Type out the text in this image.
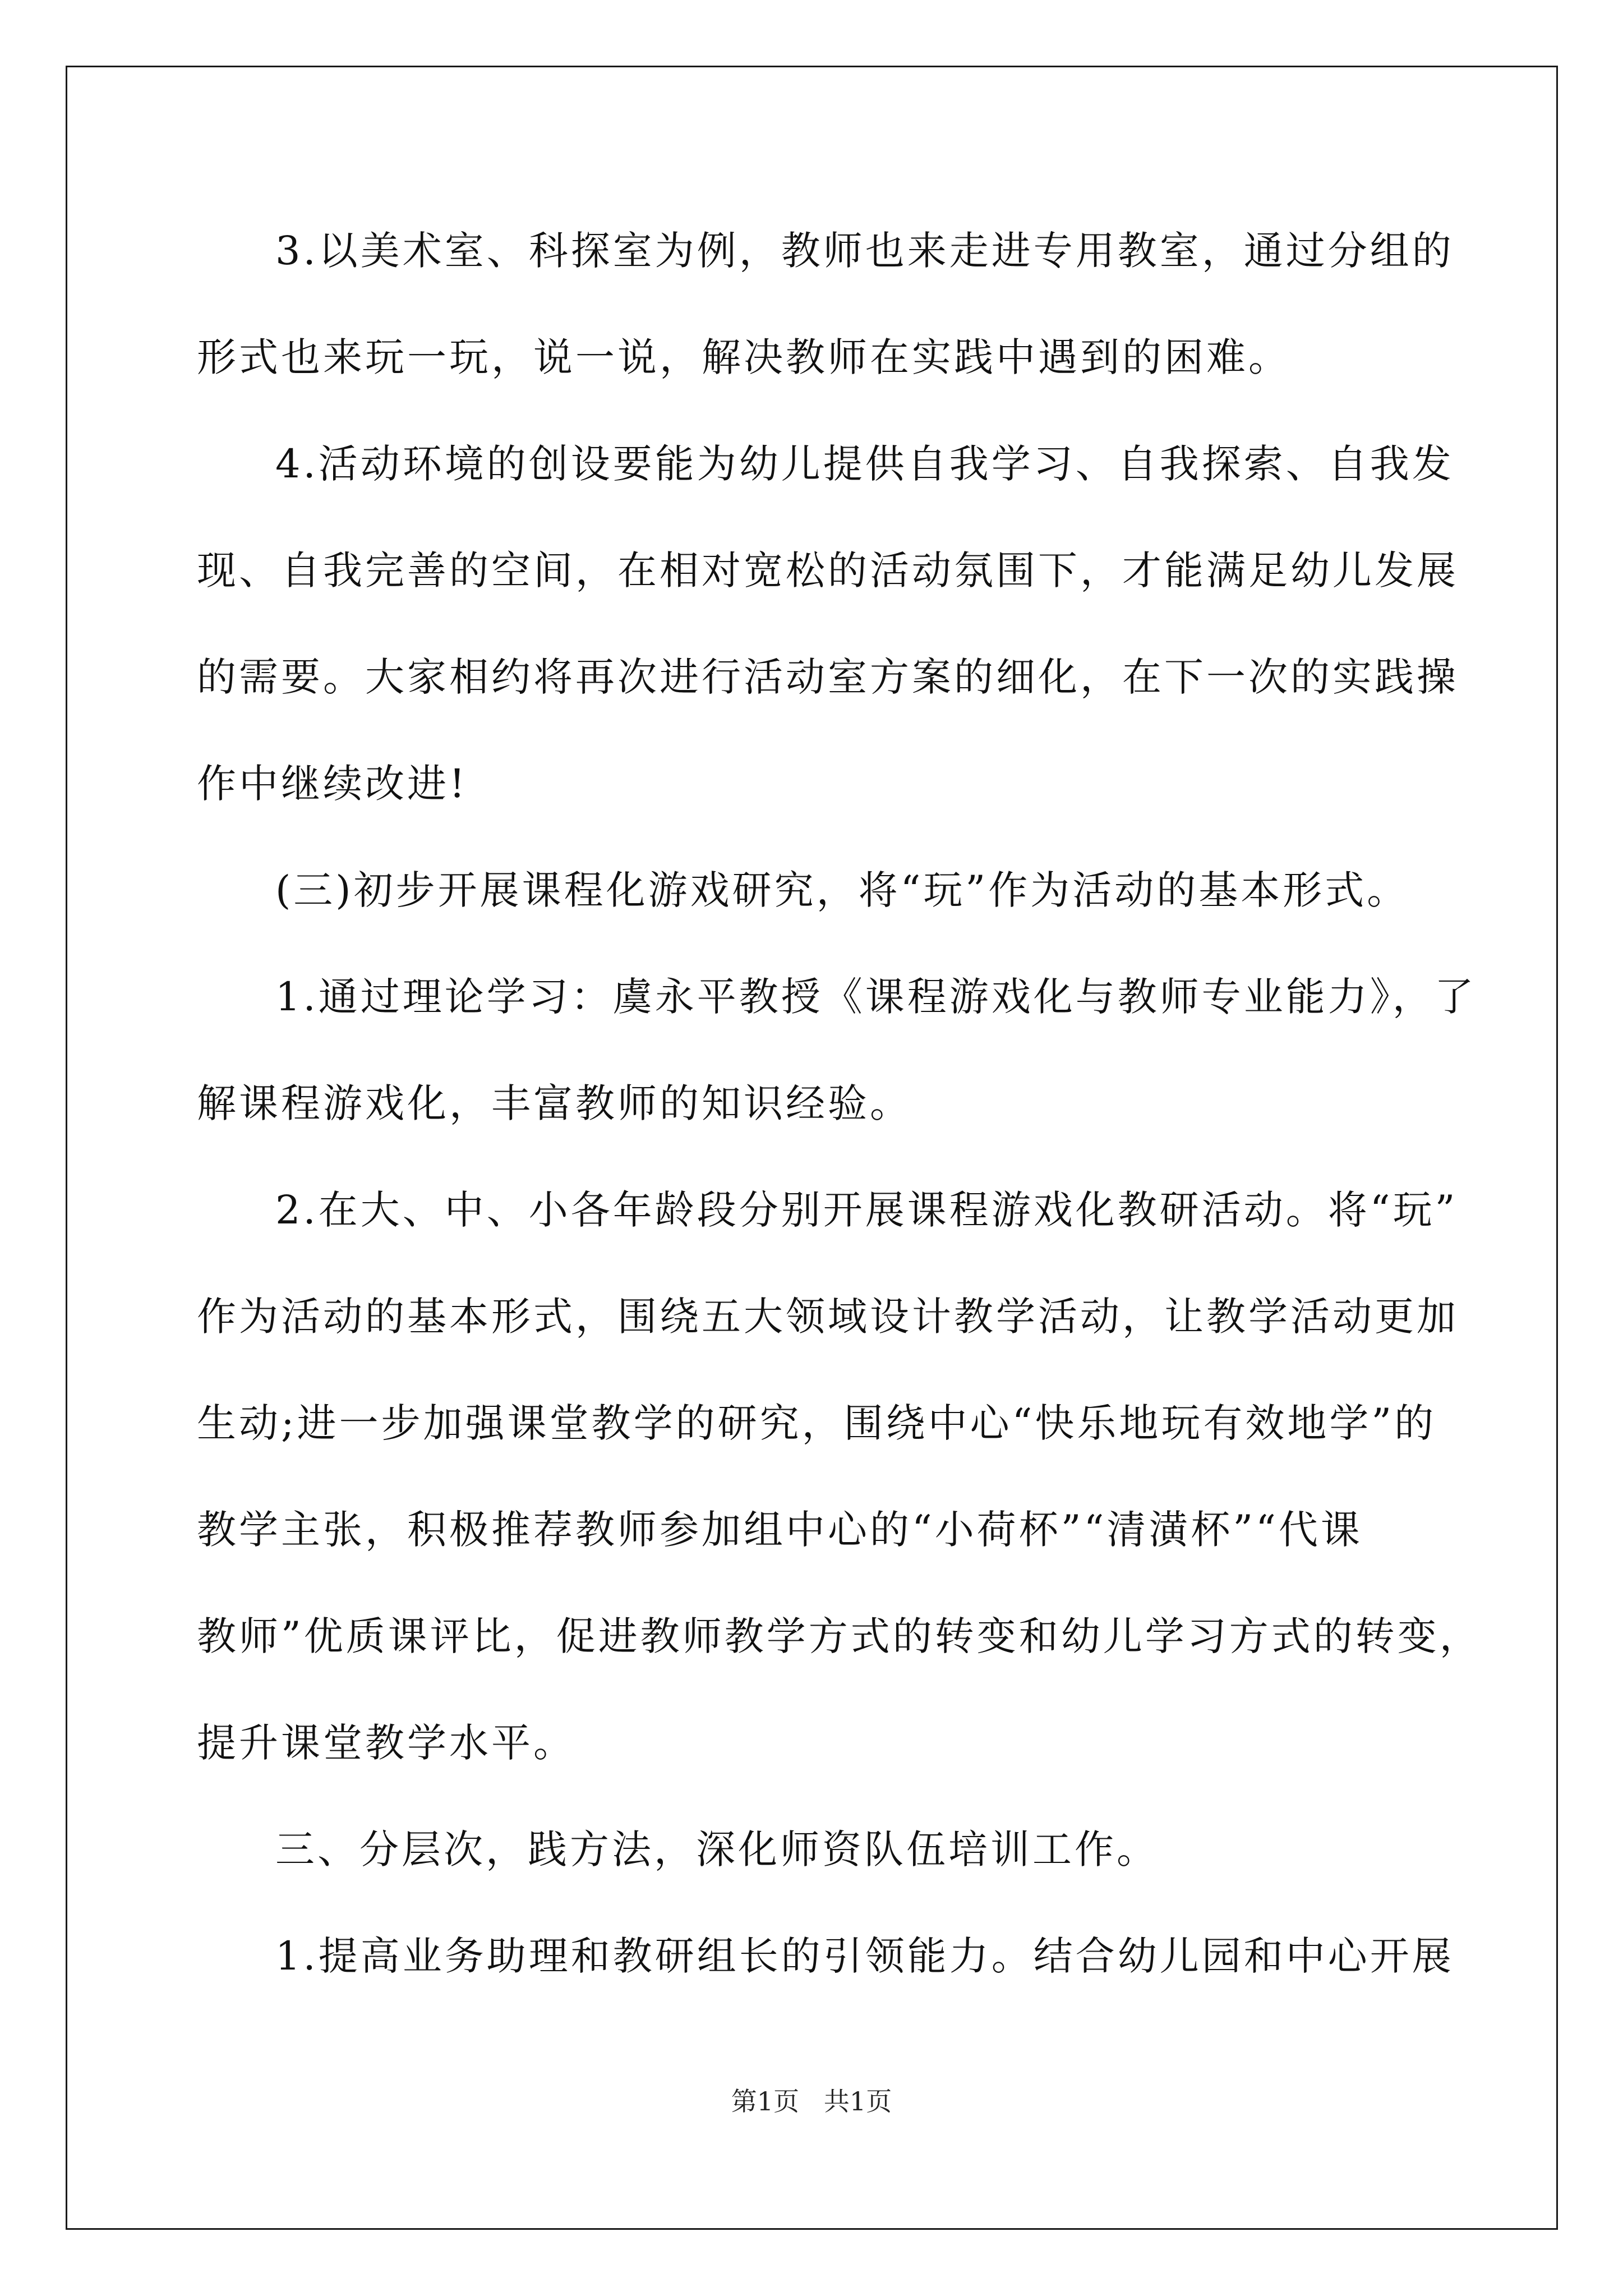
3.以美术室、科探室为例，教师也来走进专用教室，通过分组的
形式也来玩一玩，说一说，解决教师在实践中遇到的困难。
4.活动环境的创设要能为幼儿提供自我学习、自我探索、自我发
现、自我完善的空间，在相对宽松的活动氛围下，才能满足幼儿发展
的需要。大家相约将再次进行活动室方案的细化，在下一次的实践操
作中继续改进!
(三)初步开展课程化游戏研究，将“玩”作为活动的基本形式。
1.通过理论学习：虞永平教授《课程游戏化与教师专业能力》，了
解课程游戏化，丰富教师的知识经验。
2.在大、中、小各年龄段分别开展课程游戏化教研活动。将“玩”
作为活动的基本形式，围绕五大领域设计教学活动，让教学活动更加
生动;进一步加强课堂教学的研究，围绕中心“快乐地玩有效地学”的
教学主张，积极推荐教师参加组中心的“小荷杯”“清潢杯”“代课
教师”优质课评比，促进教师教学方式的转变和幼儿学习方式的转变，
提升课堂教学水平。
三、分层次，践方法，深化师资队伍培训工作。
1.提高业务助理和教研组长的引领能力。结合幼儿园和中心开展
第1页   共1页
